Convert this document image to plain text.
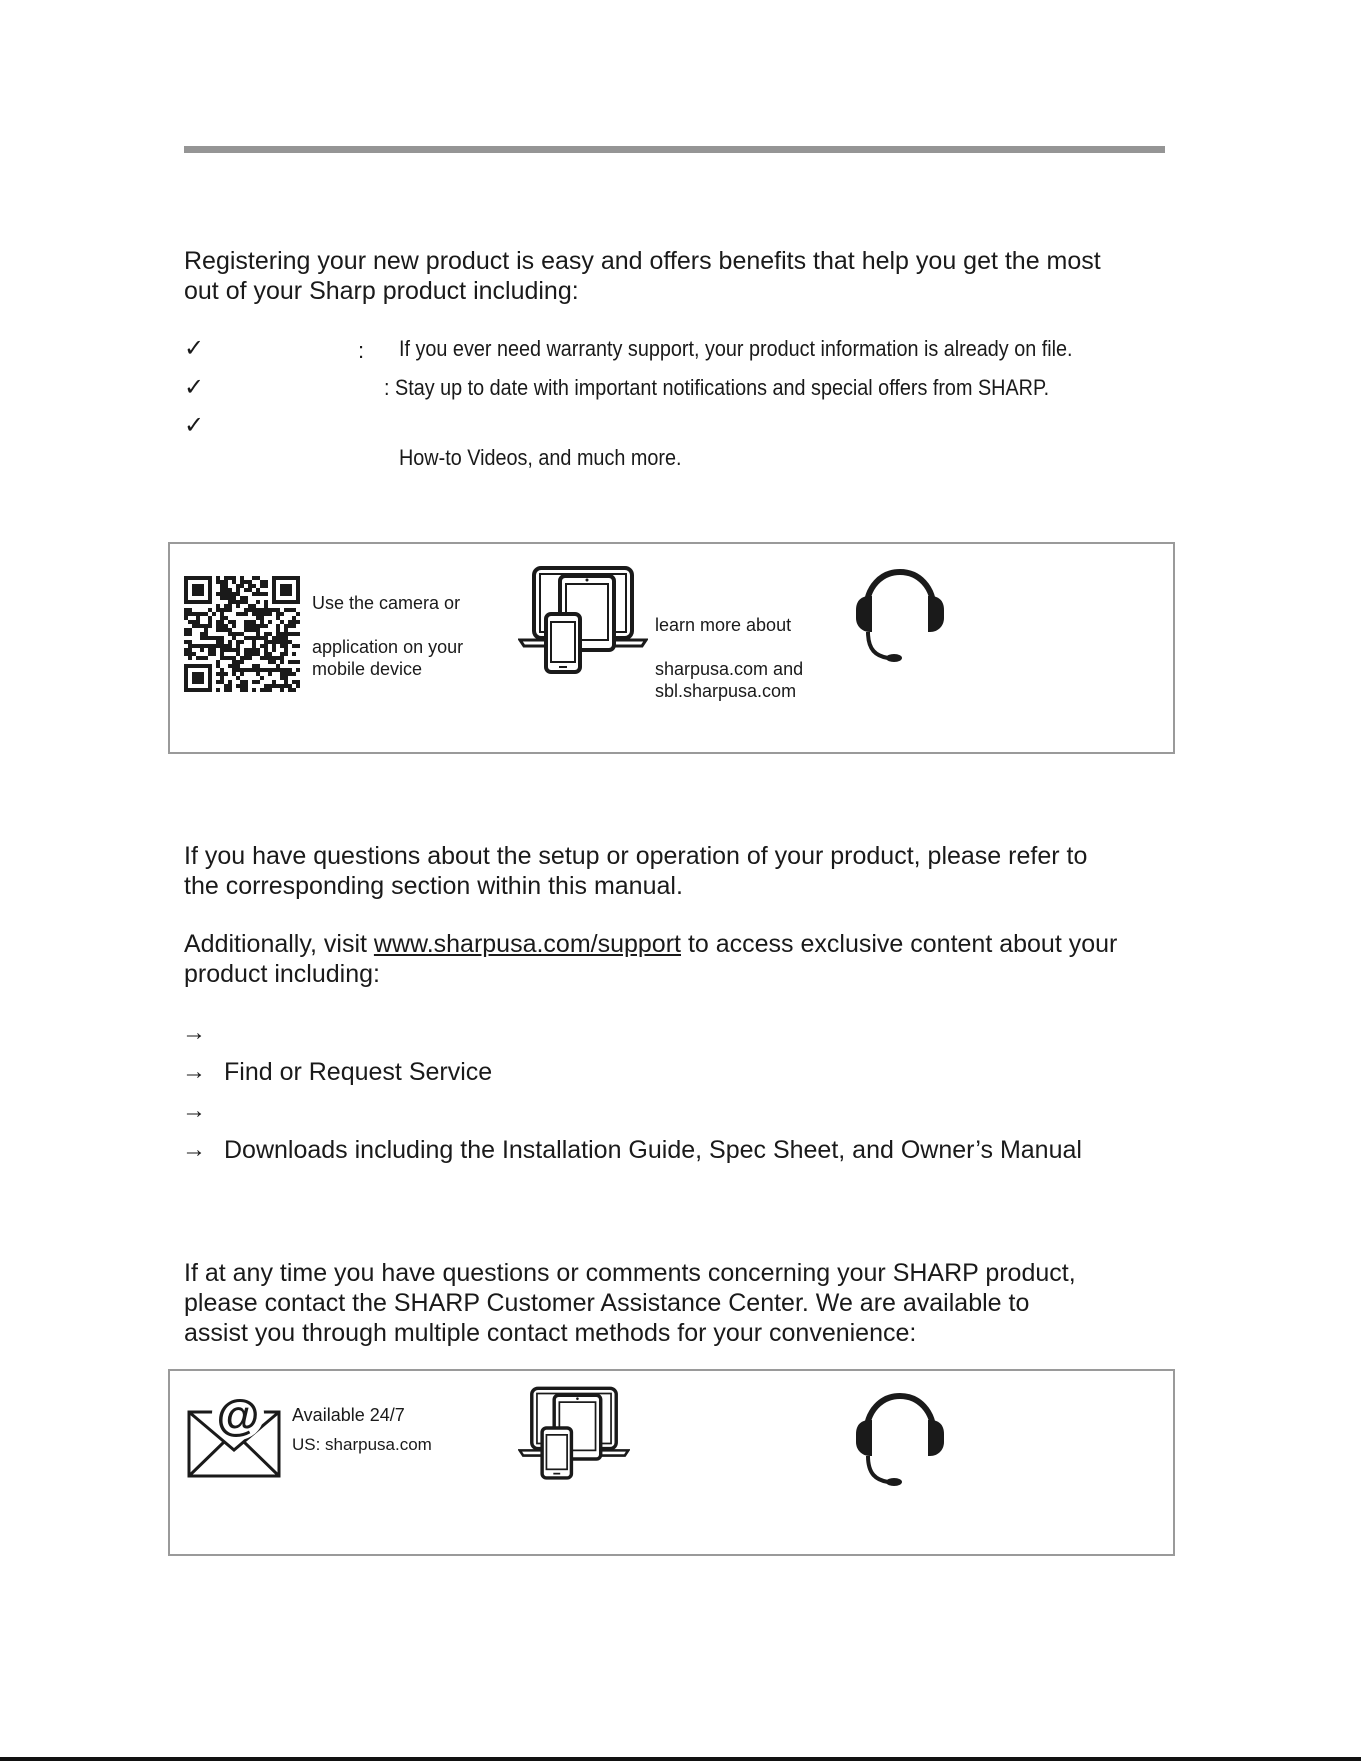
Registering your new product is easy and offers benefits that help you get the most
out of your Sharp product including:
✓	: If you ever need warranty support, your product information is already on file.
✓	: Stay up to date with important notifications and special offers from SHARP.
✓
How-to Videos, and much more.
Use the camera or
application on your
mobile device
learn more about
sharpusa.com and
sbl.sharpusa.com
If you have questions about the setup or operation of your product, please refer to
the corresponding section within this manual.
Additionally, visit www.sharpusa.com/support to access exclusive content about your
product including:
→
→ Find or Request Service
→
→ Downloads including the Installation Guide, Spec Sheet, and Owner’s Manual
If at any time you have questions or comments concerning your SHARP product,
please contact the SHARP Customer Assistance Center. We are available to
assist you through multiple contact methods for your convenience:
@ Available 24/7
US: sharpusa.com
